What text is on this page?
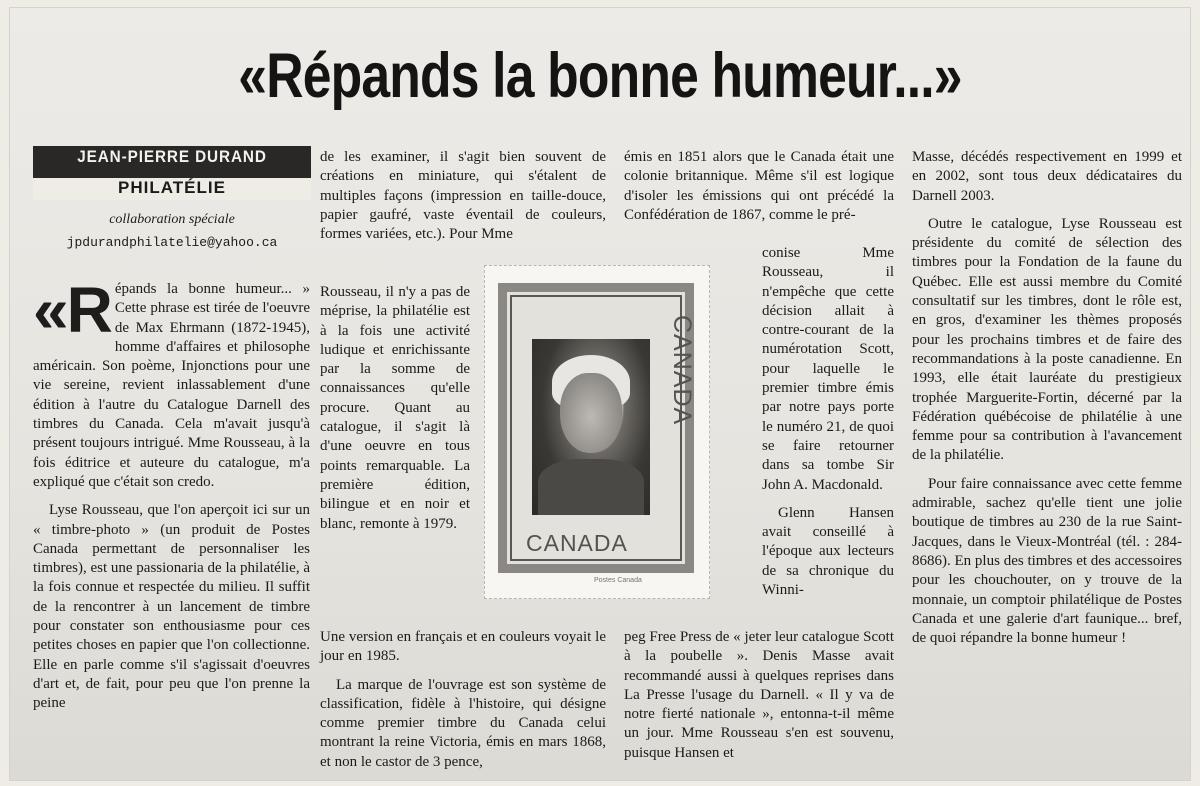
«Répands la bonne humeur...»
JEAN-PIERRE DURAND
PHILATÉLIE
collaboration spéciale
jpdurandphilatelie@yahoo.ca
«R épands la bonne humeur... » Cette phrase est tirée de l'oeuvre de Max Ehrmann (1872-1945), homme d'affaires et philosophe américain. Son poème, Injonctions pour une vie sereine, revient inlassablement d'une édition à l'autre du Catalogue Darnell des timbres du Canada. Cela m'avait jusqu'à présent toujours intrigué. Mme Rousseau, à la fois éditrice et auteure du catalogue, m'a expliqué que c'était son credo.

Lyse Rousseau, que l'on aperçoit ici sur un « timbre-photo » (un produit de Postes Canada permettant de personnaliser les timbres), est une passionaria de la philatélie, à la fois connue et respectée du milieu. Il suffit de la rencontrer à un lancement de timbre pour constater son enthousiasme pour ces petites choses en papier que l'on collectionne. Elle en parle comme s'il s'agissait d'oeuvres d'art et, de fait, pour peu que l'on prenne la peine

de les examiner, il s'agit bien souvent de créations en miniature, qui s'étalent de multiples façons (impression en taille-douce, papier gaufré, vaste éventail de couleurs, formes variées, etc.). Pour Mme

Rousseau, il n'y a pas de méprise, la philatélie est à la fois une activité ludique et enrichissante par la somme de connaissances qu'elle procure. Quant au catalogue, il s'agit là d'une oeuvre en tous points remarquable. La première édition, bilingue et en noir et blanc, remonte à 1979.

Une version en français et en couleurs voyait le jour en 1985.

La marque de l'ouvrage est son système de classification, fidèle à l'histoire, qui désigne comme premier timbre du Canada celui montrant la reine Victoria, émis en mars 1868, et non le castor de 3 pence,

émis en 1851 alors que le Canada était une colonie britannique. Même s'il est logique d'isoler les émissions qui ont précédé la Confédération de 1867, comme le pré-

conise Mme Rousseau, il n'empêche que cette décision allait à contre-courant de la numérotation Scott, pour laquelle le premier timbre émis par notre pays porte le numéro 21, de quoi se faire retourner dans sa tombe Sir John A. Macdonald.

Glenn Hansen avait conseillé à l'époque aux lecteurs de sa chronique du Winni-

peg Free Press de « jeter leur catalogue Scott à la poubelle ». Denis Masse avait recommandé aussi à quelques reprises dans La Presse l'usage du Darnell. « Il y va de notre fierté nationale », entonna-t-il même un jour. Mme Rousseau s'en est souvenu, puisque Hansen et

Masse, décédés respectivement en 1999 et en 2002, sont tous deux dédicataires du Darnell 2003.

Outre le catalogue, Lyse Rousseau est présidente du comité de sélection des timbres pour la Fondation de la faune du Québec. Elle est aussi membre du Comité consultatif sur les timbres, dont le rôle est, en gros, d'examiner les thèmes proposés pour les prochains timbres et de faire des recommandations à la poste canadienne. En 1993, elle était lauréate du prestigieux trophée Marguerite-Fortin, décerné par la Fédération québécoise de philatélie à une femme pour sa contribution à l'avancement de la philatélie.

Pour faire connaissance avec cette femme admirable, sachez qu'elle tient une jolie boutique de timbres au 230 de la rue Saint-Jacques, dans le Vieux-Montréal (tél. : 284-8686). En plus des timbres et des accessoires pour les chouchouter, on y trouve de la monnaie, un comptoir philatélique de Postes Canada et une galerie d'art faunique... bref, de quoi répandre la bonne humeur !

CANADA
CANADA
Postes Canada
